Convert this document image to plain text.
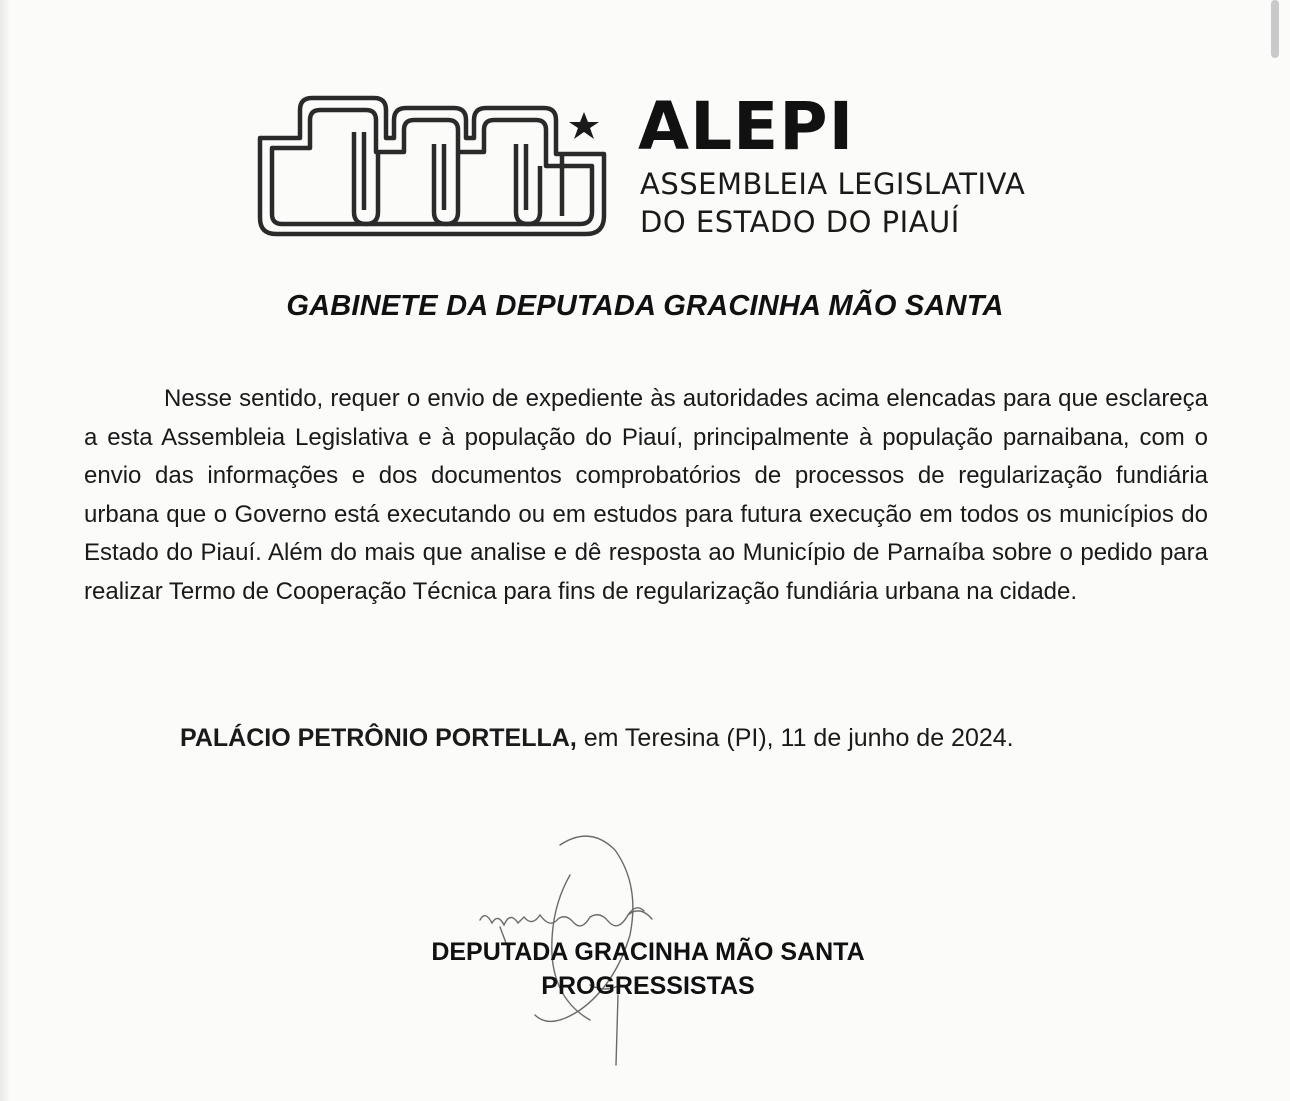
ALEPI
ASSEMBLEIA LEGISLATIVA
DO ESTADO DO PIAUÍ
GABINETE DA DEPUTADA GRACINHA MÃO SANTA

Nesse sentido, requer o envio de expediente às autoridades acima elencadas para que esclareça a esta Assembleia Legislativa e à população do Piauí, principalmente à população parnaibana, com o envio das informações e dos documentos comprobatórios de processos de regularização fundiária urbana que o Governo está executando ou em estudos para futura execução em todos os municípios do Estado do Piauí. Além do mais que analise e dê resposta ao Município de Parnaíba sobre o pedido para realizar Termo de Cooperação Técnica para fins de regularização fundiária urbana na cidade.

PALÁCIO PETRÔNIO PORTELLA, em Teresina (PI), 11 de junho de 2024.
DEPUTADA GRACINHA MÃO SANTA
PROGRESSISTAS
